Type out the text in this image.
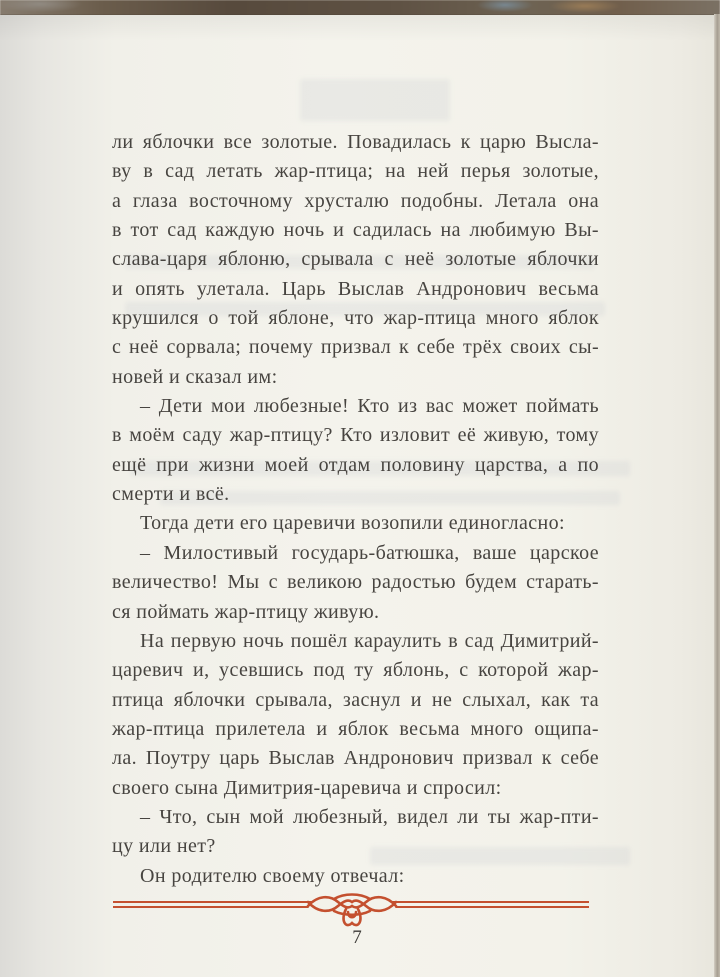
ли яблочки все золотые. Повадилась к царю Высла-
ву в сад летать жар-птица; на ней перья золотые,
а глаза восточному хрусталю подобны. Летала она
в тот сад каждую ночь и садилась на любимую Вы-
слава-царя яблоню, срывала с неё золотые яблочки
и опять улетала. Царь Выслав Андронович весьма
крушился о той яблоне, что жар-птица много яблок
с неё сорвала; почему призвал к себе трёх своих сы-
новей и сказал им:
– Дети мои любезные! Кто из вас может поймать
в моём саду жар-птицу? Кто изловит её живую, тому
ещё при жизни моей отдам половину царства, а по
смерти и всё.
Тогда дети его царевичи возопили единогласно:
– Милостивый государь-батюшка, ваше царское
величество! Мы с великою радостью будем старать-
ся поймать жар-птицу живую.
На первую ночь пошёл караулить в сад Димитрий-
царевич и, усевшись под ту яблонь, с которой жар-
птица яблочки срывала, заснул и не слыхал, как та
жар-птица прилетела и яблок весьма много ощипа-
ла. Поутру царь Выслав Андронович призвал к себе
своего сына Димитрия-царевича и спросил:
– Что, сын мой любезный, видел ли ты жар-пти-
цу или нет?
Он родителю своему отвечал:
7
